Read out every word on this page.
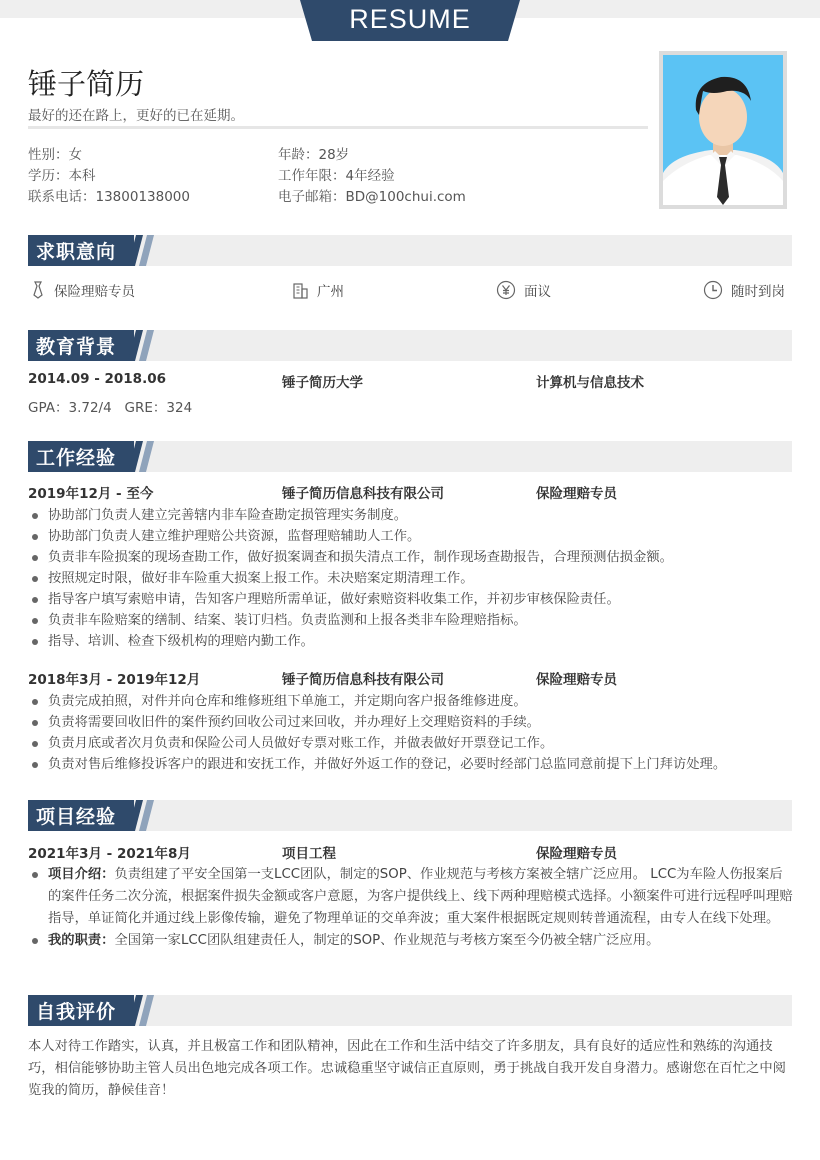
RESUME
锤子简历
最好的还在路上，更好的已在延期。
性别：女	年龄：28岁
学历：本科	工作年限：4年经验
联系电话：13800138000	电子邮箱：BD@100chui.com
求职意向
保险理赔专员	广州	面议	随时到岗
教育背景
2014.09 - 2018.06	锤子简历大学	计算机与信息技术
GPA：3.72/4   GRE：324
工作经验
2019年12月 - 至今	锤子简历信息科技有限公司	保险理赔专员
协助部门负责人建立完善辖内非车险查勘定损管理实务制度。
协助部门负责人建立维护理赔公共资源，监督理赔辅助人工作。
负责非车险损案的现场查勘工作，做好损案调查和损失清点工作，制作现场查勘报告，合理预测估损金额。
按照规定时限，做好非车险重大损案上报工作。未决赔案定期清理工作。
指导客户填写索赔申请，告知客户理赔所需单证，做好索赔资料收集工作，并初步审核保险责任。
负责非车险赔案的缮制、结案、装订归档。负责监测和上报各类非车险理赔指标。
指导、培训、检查下级机构的理赔内勤工作。
2018年3月 - 2019年12月	锤子简历信息科技有限公司	保险理赔专员
负责完成拍照，对件并向仓库和维修班组下单施工，并定期向客户报备维修进度。
负责将需要回收旧件的案件预约回收公司过来回收，并办理好上交理赔资料的手续。
负责月底或者次月负责和保险公司人员做好专票对账工作，并做表做好开票登记工作。
负责对售后维修投诉客户的跟进和安抚工作，并做好外返工作的登记，必要时经部门总监同意前提下上门拜访处理。
项目经验
2021年3月 - 2021年8月	项目工程	保险理赔专员
项目介绍：负责组建了平安全国第一支LCC团队，制定的SOP、作业规范与考核方案被全辖广泛应用。 LCC为车险人伤报案后的案件任务二次分流，根据案件损失金额或客户意愿，为客户提供线上、线下两种理赔模式选择。小额案件可进行远程呼叫理赔指导，单证简化并通过线上影像传输，避免了物理单证的交单奔波；重大案件根据既定规则转普通流程，由专人在线下处理。
我的职责：全国第一家LCC团队组建责任人，制定的SOP、作业规范与考核方案至今仍被全辖广泛应用。
自我评价
本人对待工作踏实，认真，并且极富工作和团队精神，因此在工作和生活中结交了许多朋友，具有良好的适应性和熟练的沟通技巧，相信能够协助主管人员出色地完成各项工作。忠诚稳重坚守诚信正直原则，勇于挑战自我开发自身潜力。感谢您在百忙之中阅览我的简历，静候佳音！
